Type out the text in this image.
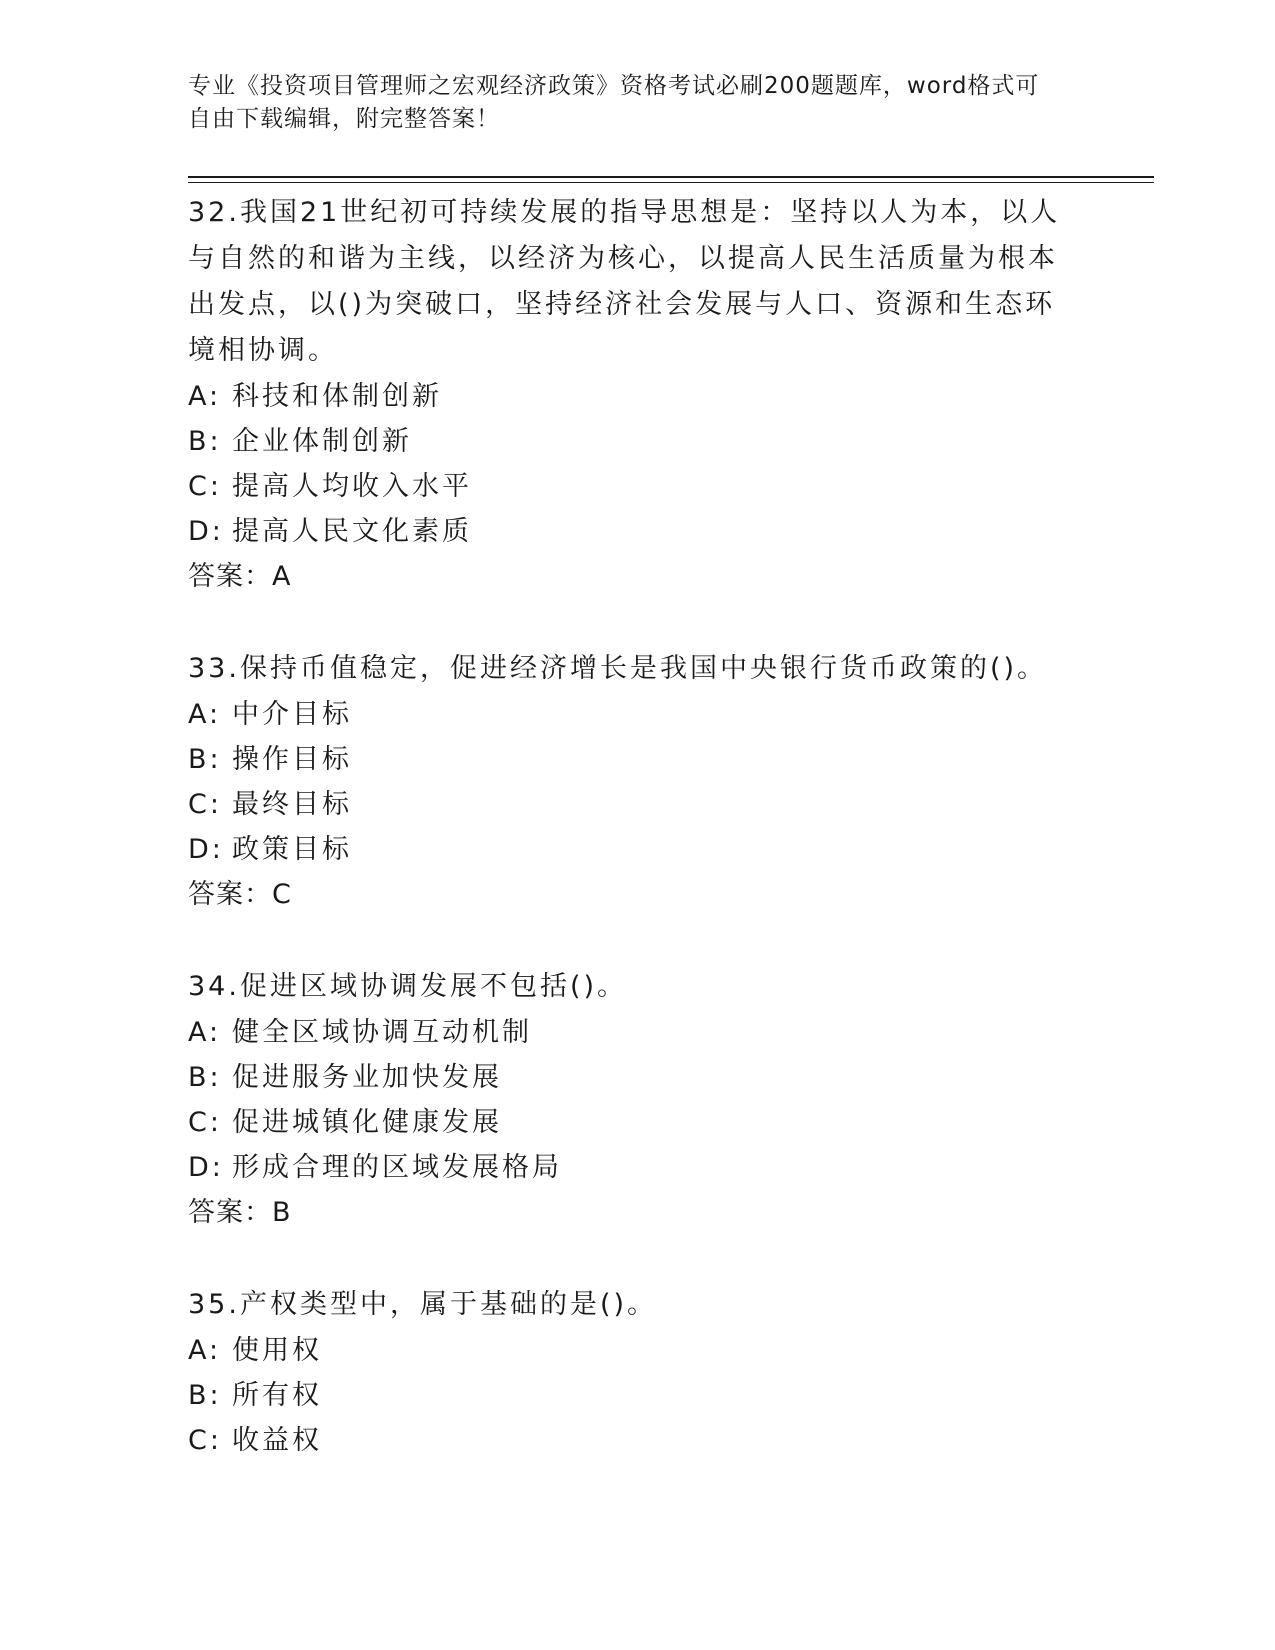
专业《投资项目管理师之宏观经济政策》资格考试必刷200题题库，word格式可
自由下载编辑，附完整答案！
32.我国21世纪初可持续发展的指导思想是：坚持以人为本，以人与自然的和谐为主线，以经济为核心，以提高人民生活质量为根本出发点，以()为突破口，坚持经济社会发展与人口、资源和生态环境相协调。
A: 科技和体制创新
B: 企业体制创新
C: 提高人均收入水平
D: 提高人民文化素质
答案：A
33.保持币值稳定，促进经济增长是我国中央银行货币政策的()。
A: 中介目标
B: 操作目标
C: 最终目标
D: 政策目标
答案：C
34.促进区域协调发展不包括()。
A: 健全区域协调互动机制
B: 促进服务业加快发展
C: 促进城镇化健康发展
D: 形成合理的区域发展格局
答案：B
35.产权类型中，属于基础的是()。
A: 使用权
B: 所有权
C: 收益权
